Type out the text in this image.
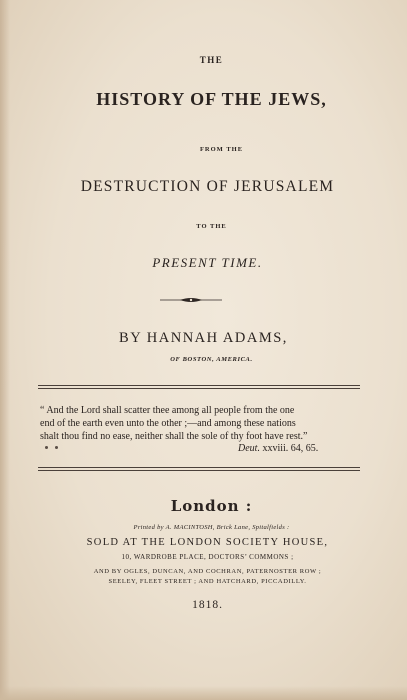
THE
HISTORY OF THE JEWS,
FROM THE
DESTRUCTION OF JERUSALEM
TO THE
PRESENT TIME.
BY HANNAH ADAMS,
OF BOSTON, AMERICA.
“ And the Lord shall scatter thee among all people from the one
end of the earth even unto the other ;—and among these nations
shalt thou find no ease, neither shall the sole of thy foot have rest.”
Deut. xxviii. 64, 65.
London :
Printed by A. MACINTOSH, Brick Lane, Spitalfields :
SOLD AT THE LONDON SOCIETY HOUSE,
10, WARDROBE PLACE, DOCTORS’ COMMONS ;
AND BY OGLES, DUNCAN, AND COCHRAN, PATERNOSTER ROW ;
SEELEY, FLEET STREET ; AND HATCHARD, PICCADILLY.
1818.
